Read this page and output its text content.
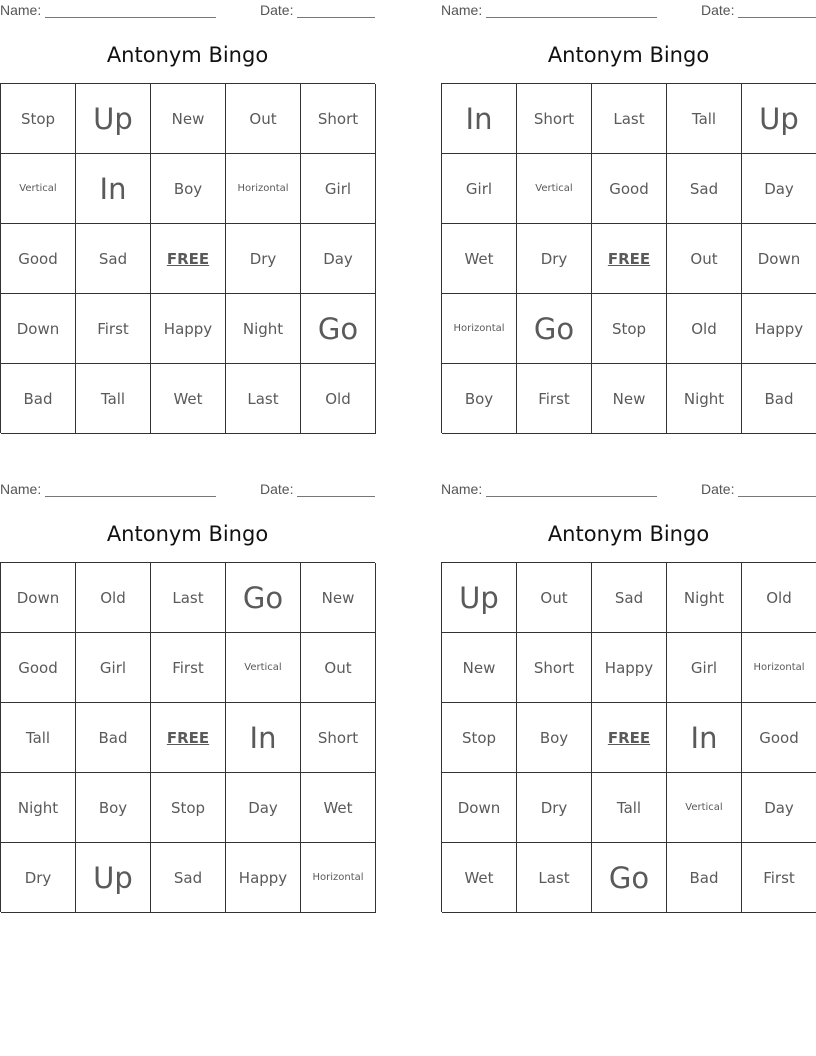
Name:	Date:
Antonym Bingo
Stop	Up	New	Out	Short
Vertical	In	Boy	Horizontal	Girl
Good	Sad	FREE	Dry	Day
Down	First	Happy	Night	Go
Bad	Tall	Wet	Last	Old
Name:	Date:
Antonym Bingo
In	Short	Last	Tall	Up
Girl	Vertical	Good	Sad	Day
Wet	Dry	FREE	Out	Down
Horizontal	Go	Stop	Old	Happy
Boy	First	New	Night	Bad
Name:	Date:
Antonym Bingo
Down	Old	Last	Go	New
Good	Girl	First	Vertical	Out
Tall	Bad	FREE	In	Short
Night	Boy	Stop	Day	Wet
Dry	Up	Sad	Happy	Horizontal
Name:	Date:
Antonym Bingo
Up	Out	Sad	Night	Old
New	Short	Happy	Girl	Horizontal
Stop	Boy	FREE	In	Good
Down	Dry	Tall	Vertical	Day
Wet	Last	Go	Bad	First
